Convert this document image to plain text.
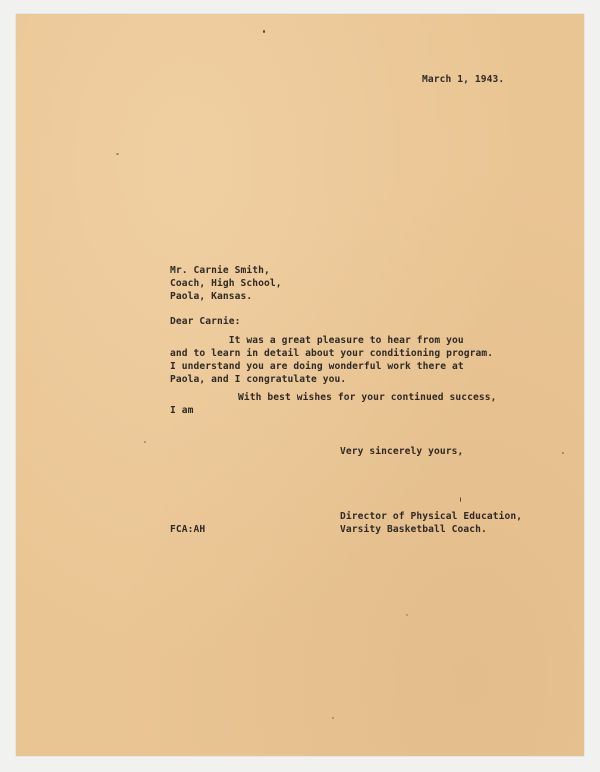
March 1, 1943.
Mr. Carnie Smith,
Coach, High School,
Paola, Kansas.
Dear Carnie:
It was a great pleasure to hear from you
and to learn in detail about your conditioning program.
I understand you are doing wonderful work there at
Paola, and I congratulate you.
With best wishes for your continued success,
I am
Very sincerely yours,
Director of Physical Education,
Varsity Basketball Coach.
FCA:AH
